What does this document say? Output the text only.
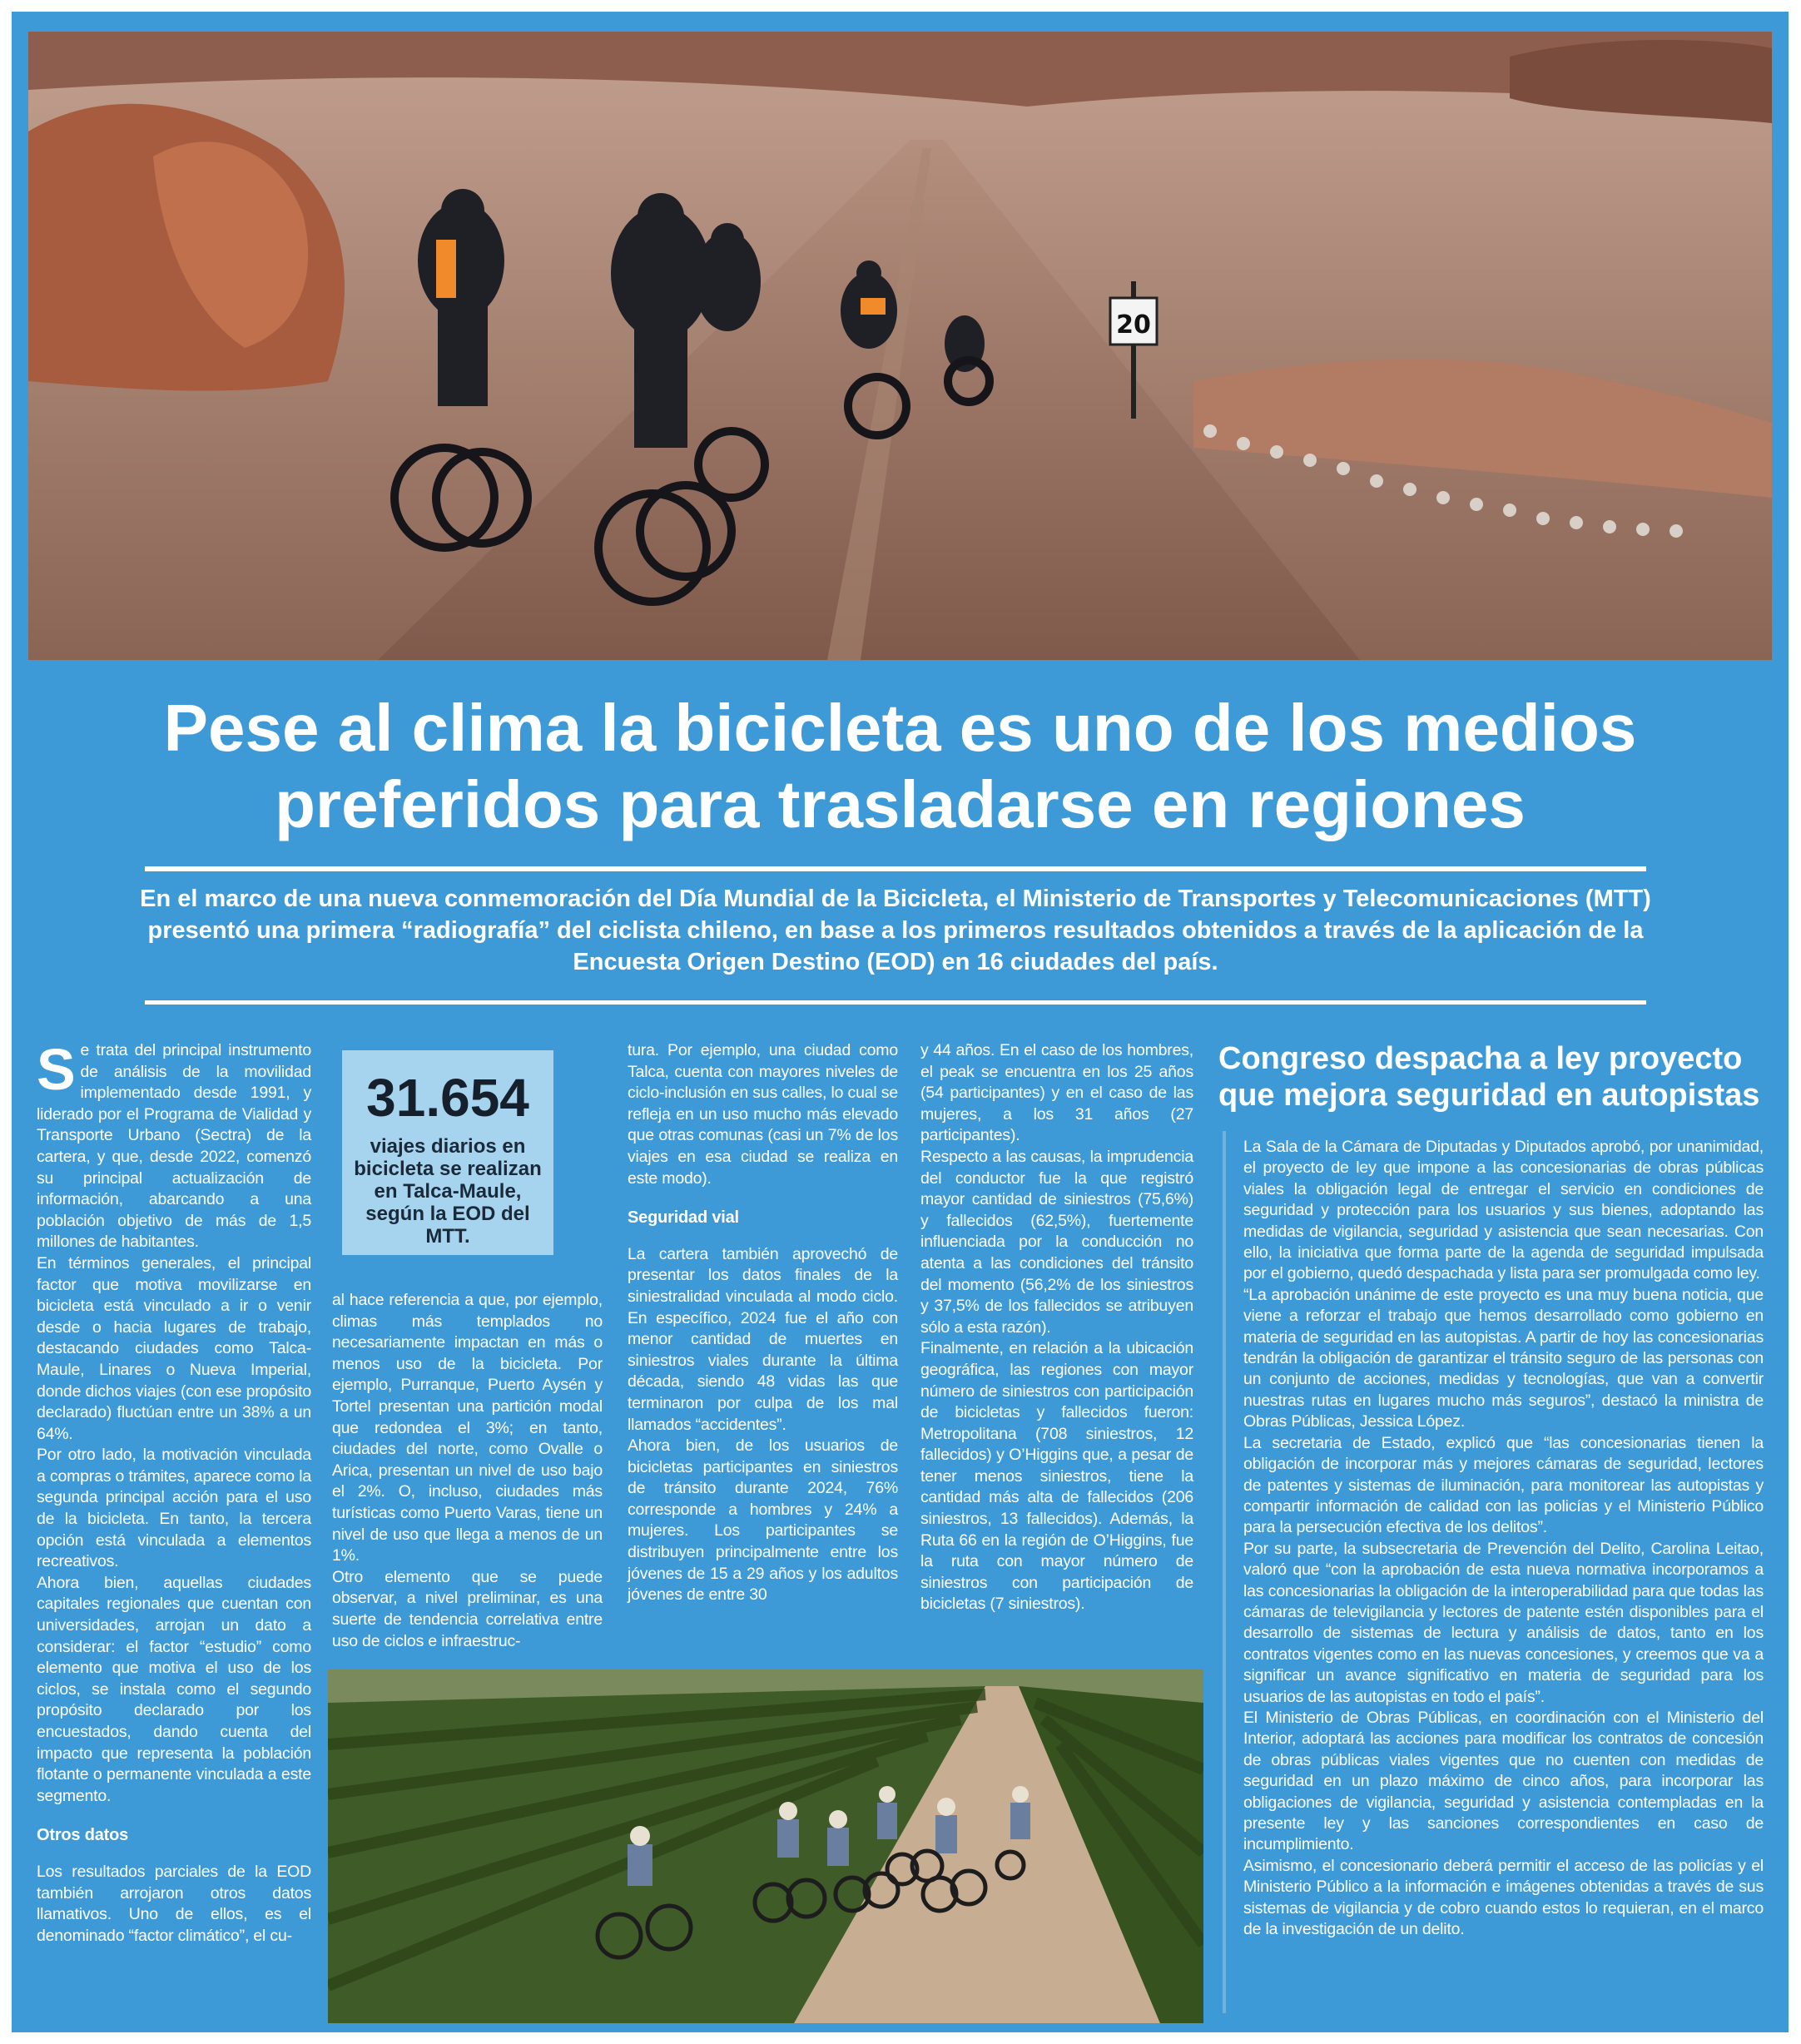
20
Pese al clima la bicicleta es uno de los medios preferidos para trasladarse en regiones

En el marco de una nueva conmemoración del Día Mundial de la Bicicleta, el Ministerio de Transportes y Telecomunicaciones (MTT) presentó una primera “radiografía” del ciclista chileno, en base a los primeros resultados obtenidos a través de la aplicación de la Encuesta Origen Destino (EOD) en 16 ciudades del país.

S e trata del principal instrumento de análisis de la movilidad implementado desde 1991, y liderado por el Programa de Vialidad y Transporte Urbano (Sectra) de la cartera, y que, desde 2022, comenzó su principal actualización de información, abarcando a una población objetivo de más de 1,5 millones de habitantes.

En términos generales, el principal factor que motiva movilizarse en bicicleta está vinculado a ir o venir desde o hacia lugares de trabajo, destacando ciudades como Talca-Maule, Linares o Nueva Imperial, donde dichos viajes (con ese propósito declarado) fluctúan entre un 38% a un 64%.

Por otro lado, la motivación vinculada a compras o trámites, aparece como la segunda principal acción para el uso de la bicicleta. En tanto, la tercera opción está vinculada a elementos recreativos.

Ahora bien, aquellas ciudades capitales regionales que cuentan con universidades, arrojan un dato a considerar: el factor “estudio” como elemento que motiva el uso de los ciclos, se instala como el segundo propósito declarado por los encuestados, dando cuenta del impacto que representa la población flotante o permanente vinculada a este segmento.

Otros datos

Los resultados parciales de la EOD también arrojaron otros datos llamativos. Uno de ellos, es el denominado “factor climático”, el cu-

31.654
viajes diarios en bicicleta se realizan en Talca-Maule, según la EOD del MTT.

al hace referencia a que, por ejemplo, climas más templados no necesariamente impactan en más o menos uso de la bicicleta. Por ejemplo, Purranque, Puerto Aysén y Tortel presentan una partición modal que redondea el 3%; en tanto, ciudades del norte, como Ovalle o Arica, presentan un nivel de uso bajo el 2%. O, incluso, ciudades más turísticas como Puerto Varas, tiene un nivel de uso que llega a menos de un 1%.

Otro elemento que se puede observar, a nivel preliminar, es una suerte de tendencia correlativa entre uso de ciclos e infraestruc-

tura. Por ejemplo, una ciudad como Talca, cuenta con mayores niveles de ciclo-inclusión en sus calles, lo cual se refleja en un uso mucho más elevado que otras comunas (casi un 7% de los viajes en esa ciudad se realiza en este modo).

Seguridad vial

La cartera también aprovechó de presentar los datos finales de la siniestralidad vinculada al modo ciclo. En específico, 2024 fue el año con menor cantidad de muertes en siniestros viales durante la última década, siendo 48 vidas las que terminaron por culpa de los mal llamados “accidentes”.

Ahora bien, de los usuarios de bicicletas participantes en siniestros de tránsito durante 2024, 76% corresponde a hombres y 24% a mujeres. Los participantes se distribuyen principalmente entre los jóvenes de 15 a 29 años y los adultos jóvenes de entre 30

y 44 años. En el caso de los hombres, el peak se encuentra en los 25 años (54 participantes) y en el caso de las mujeres, a los 31 años (27 participantes).

Respecto a las causas, la imprudencia del conductor fue la que registró mayor cantidad de siniestros (75,6%) y fallecidos (62,5%), fuertemente influenciada por la conducción no atenta a las condiciones del tránsito del momento (56,2% de los siniestros y 37,5% de los fallecidos se atribuyen sólo a esta razón).

Finalmente, en relación a la ubicación geográfica, las regiones con mayor número de siniestros con participación de bicicletas y fallecidos fueron: Metropolitana (708 siniestros, 12 fallecidos) y O’Higgins que, a pesar de tener menos siniestros, tiene la cantidad más alta de fallecidos (206 siniestros, 13 fallecidos). Además, la Ruta 66 en la región de O’Higgins, fue la ruta con mayor número de siniestros con participación de bicicletas (7 siniestros).

Congreso despacha a ley proyecto que mejora seguridad en autopistas

La Sala de la Cámara de Diputadas y Diputados aprobó, por unanimidad, el proyecto de ley que impone a las concesionarias de obras públicas viales la obligación legal de entregar el servicio en condiciones de seguridad y protección para los usuarios y sus bienes, adoptando las medidas de vigilancia, seguridad y asistencia que sean necesarias. Con ello, la iniciativa que forma parte de la agenda de seguridad impulsada por el gobierno, quedó despachada y lista para ser promulgada como ley.

“La aprobación unánime de este proyecto es una muy buena noticia, que viene a reforzar el trabajo que hemos desarrollado como gobierno en materia de seguridad en las autopistas. A partir de hoy las concesionarias tendrán la obligación de garantizar el tránsito seguro de las personas con un conjunto de acciones, medidas y tecnologías, que van a convertir nuestras rutas en lugares mucho más seguros”, destacó la ministra de Obras Públicas, Jessica López.

La secretaria de Estado, explicó que “las concesionarias tienen la obligación de incorporar más y mejores cámaras de seguridad, lectores de patentes y sistemas de iluminación, para monitorear las autopistas y compartir información de calidad con las policías y el Ministerio Público para la persecución efectiva de los delitos”.

Por su parte, la subsecretaria de Prevención del Delito, Carolina Leitao, valoró que “con la aprobación de esta nueva normativa incorporamos a las concesionarias la obligación de la interoperabilidad para que todas las cámaras de televigilancia y lectores de patente estén disponibles para el desarrollo de sistemas de lectura y análisis de datos, tanto en los contratos vigentes como en las nuevas concesiones, y creemos que va a significar un avance significativo en materia de seguridad para los usuarios de las autopistas en todo el país”.

El Ministerio de Obras Públicas, en coordinación con el Ministerio del Interior, adoptará las acciones para modificar los contratos de concesión de obras públicas viales vigentes que no cuenten con medidas de seguridad en un plazo máximo de cinco años, para incorporar las obligaciones de vigilancia, seguridad y asistencia contempladas en la presente ley y las sanciones correspondientes en caso de incumplimiento.

Asimismo, el concesionario deberá permitir el acceso de las policías y el Ministerio Público a la información e imágenes obtenidas a través de sus sistemas de vigilancia y de cobro cuando estos lo requieran, en el marco de la investigación de un delito.
